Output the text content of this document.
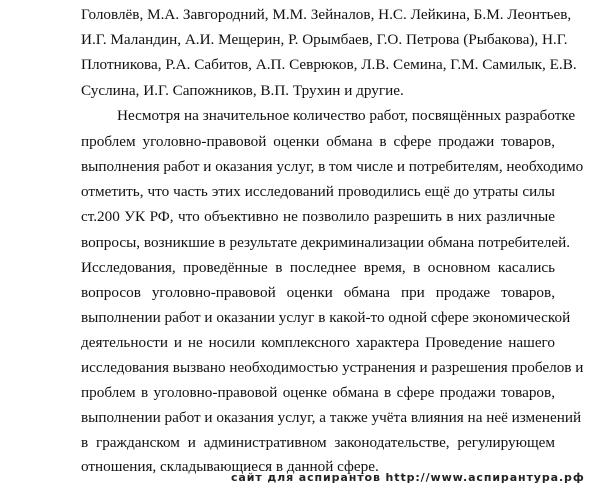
Головлёв, М.А. Завгородний, М.М. Зейналов, Н.С. Лейкина, Б.М. Леонтьев,
И.Г. Маландин, А.И. Мещерин, Р. Орымбаев, Г.О. Петрова (Рыбакова), Н.Г.
Плотникова, Р.А. Сабитов, А.П. Севрюков, Л.В. Семина, Г.М. Самилык, Е.В.
Суслина, И.Г. Сапожников, В.П. Трухин и другие.
Несмотря на значительное количество работ, посвящённых разработке
проблем уголовно-правовой оценки обмана в сфере продажи товаров,
выполнения работ и оказания услуг, в том числе и потребителям, необходимо
отметить, что часть этих исследований проводились ещё до утраты силы
ст.200 УК РФ, что объективно не позволило разрешить в них различные
вопросы, возникшие в результате декриминализации обмана потребителей.
Исследования, проведённые в последнее время, в основном касались
вопросов уголовно-правовой оценки обмана при продаже товаров,
выполнении работ и оказании услуг в какой-то одной сфере экономической
деятельности и не носили комплексного характера Проведение нашего
исследования вызвано необходимостью устранения и разрешения пробелов и
проблем в уголовно-правовой оценке обмана в сфере продажи товаров,
выполнении работ и оказания услуг, а также учёта влияния на неё изменений
в гражданском и административном законодательстве, регулирующем
отношения, складывающиеся в данной сфере.
сайт для аспирантов http://www.аспирантура.рф
